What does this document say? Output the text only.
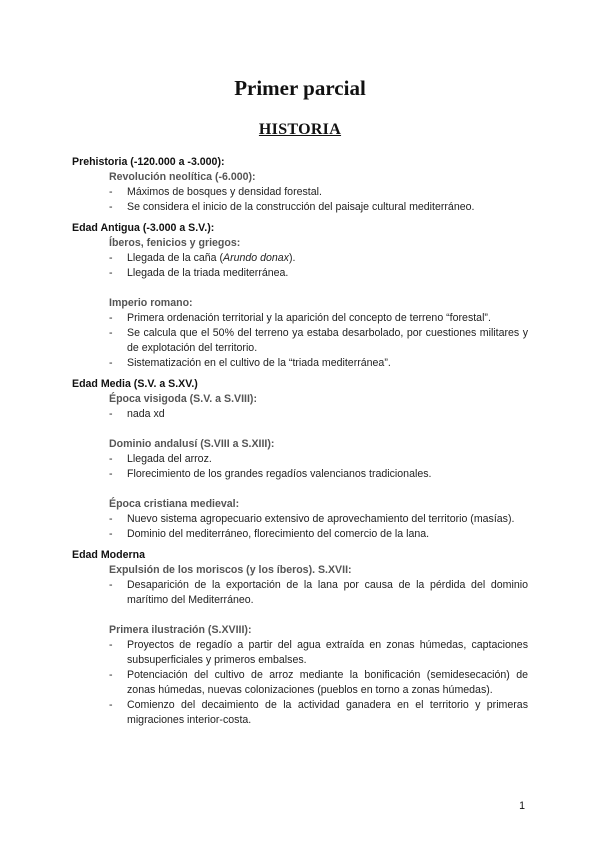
Primer parcial
HISTORIA

Prehistoria (-120.000 a -3.000):

Revolución neolítica (-6.000):

- Máximos de bosques y densidad forestal.
- Se considera el inicio de la construcción del paisaje cultural mediterráneo.

Edad Antigua (-3.000 a S.V.):

Íberos, fenicios y griegos:

- Llegada de la caña (Arundo donax).
- Llegada de la triada mediterránea.

Imperio romano:

- Primera ordenación territorial y la aparición del concepto de terreno “forestal”.
- Se calcula que el 50% del terreno ya estaba desarbolado, por cuestiones militares y de explotación del territorio.
- Sistematización en el cultivo de la “triada mediterránea”.

Edad Media (S.V. a S.XV.)

Época visigoda (S.V. a S.VIII):

- nada xd

Dominio andalusí (S.VIII a S.XIII):

- Llegada del arroz.
- Florecimiento de los grandes regadíos valencianos tradicionales.

Época cristiana medieval:

- Nuevo sistema agropecuario extensivo de aprovechamiento del territorio (masías).
- Dominio del mediterráneo, florecimiento del comercio de la lana.

Edad Moderna

Expulsión de los moriscos (y los íberos). S.XVII:

- Desaparición de la exportación de la lana por causa de la pérdida del dominio marítimo del Mediterráneo.

Primera ilustración (S.XVIII):

- Proyectos de regadío a partir del agua extraída en zonas húmedas, captaciones subsuperficiales y primeros embalses.
- Potenciación del cultivo de arroz mediante la bonificación (semidesecación) de zonas húmedas, nuevas colonizaciones (pueblos en torno a zonas húmedas).
- Comienzo del decaimiento de la actividad ganadera en el territorio y primeras migraciones interior-costa.
1
